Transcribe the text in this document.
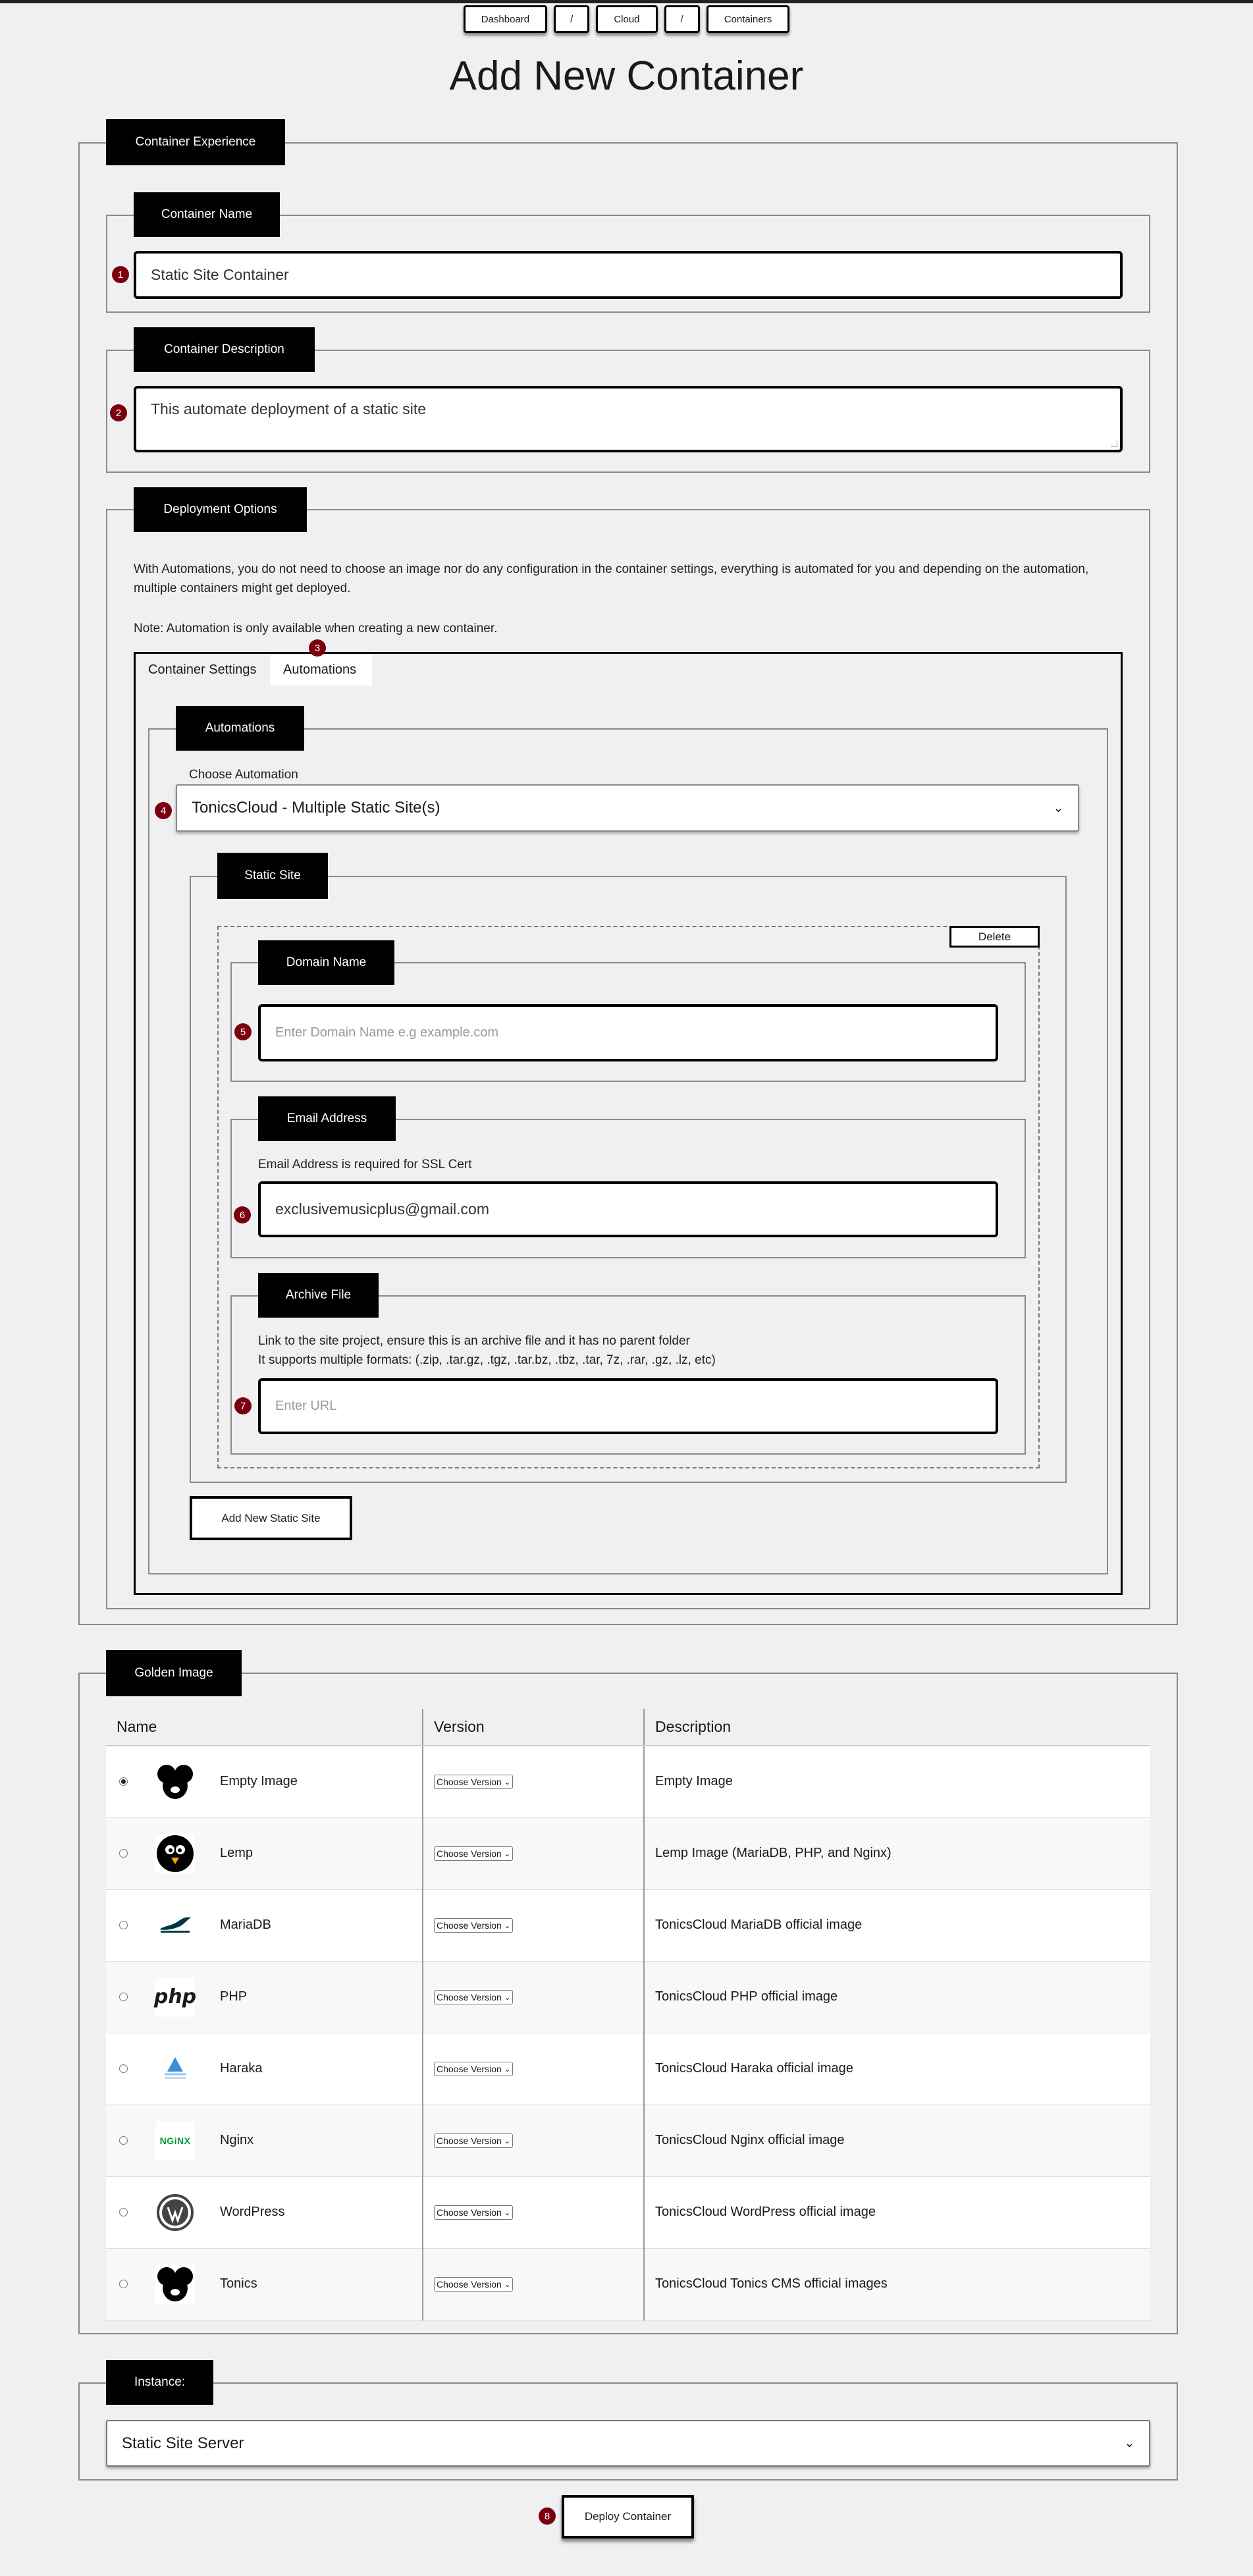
Dashboard	/	Cloud	/	Containers
Add New Container
Container Experience
Container Name
1	Static Site Container
Container Description
2	This automate deployment of a static site
Deployment Options
With Automations, you do not need to choose an image nor do any configuration in the container settings, everything is automated for you and depending on the automation, multiple containers might get deployed.
Note: Automation is only available when creating a new container.
Container Settings	Automations
3
Automations
Choose Automation
4	TonicsCloud - Multiple Static Site(s)	⌄
Static Site
Delete
Domain Name
5	Enter Domain Name e.g example.com
Email Address
Email Address is required for SSL Cert
6	exclusivemusicplus@gmail.com
Archive File
Link to the site project, ensure this is an archive file and it has no parent folder
It supports multiple formats: (.zip, .tar.gz, .tgz, .tar.bz, .tbz, .tar, 7z, .rar, .gz, .lz, etc)
7	Enter URL
Add New Static Site
Golden Image
Name	Version	Description

Empty Image	Choose Version ⌄	Empty Image

Lemp	Choose Version ⌄	Lemp Image (MariaDB, PHP, and Nginx)

MariaDB	Choose Version ⌄	TonicsCloud MariaDB official image

php PHP	Choose Version ⌄	TonicsCloud PHP official image

Haraka	Choose Version ⌄	TonicsCloud Haraka official image

NGiNX Nginx	Choose Version ⌄	TonicsCloud Nginx official image

WordPress	Choose Version ⌄	TonicsCloud WordPress official image

Tonics	Choose Version ⌄	TonicsCloud Tonics CMS official images
Instance:
Static Site Server	⌄
8	Deploy Container
